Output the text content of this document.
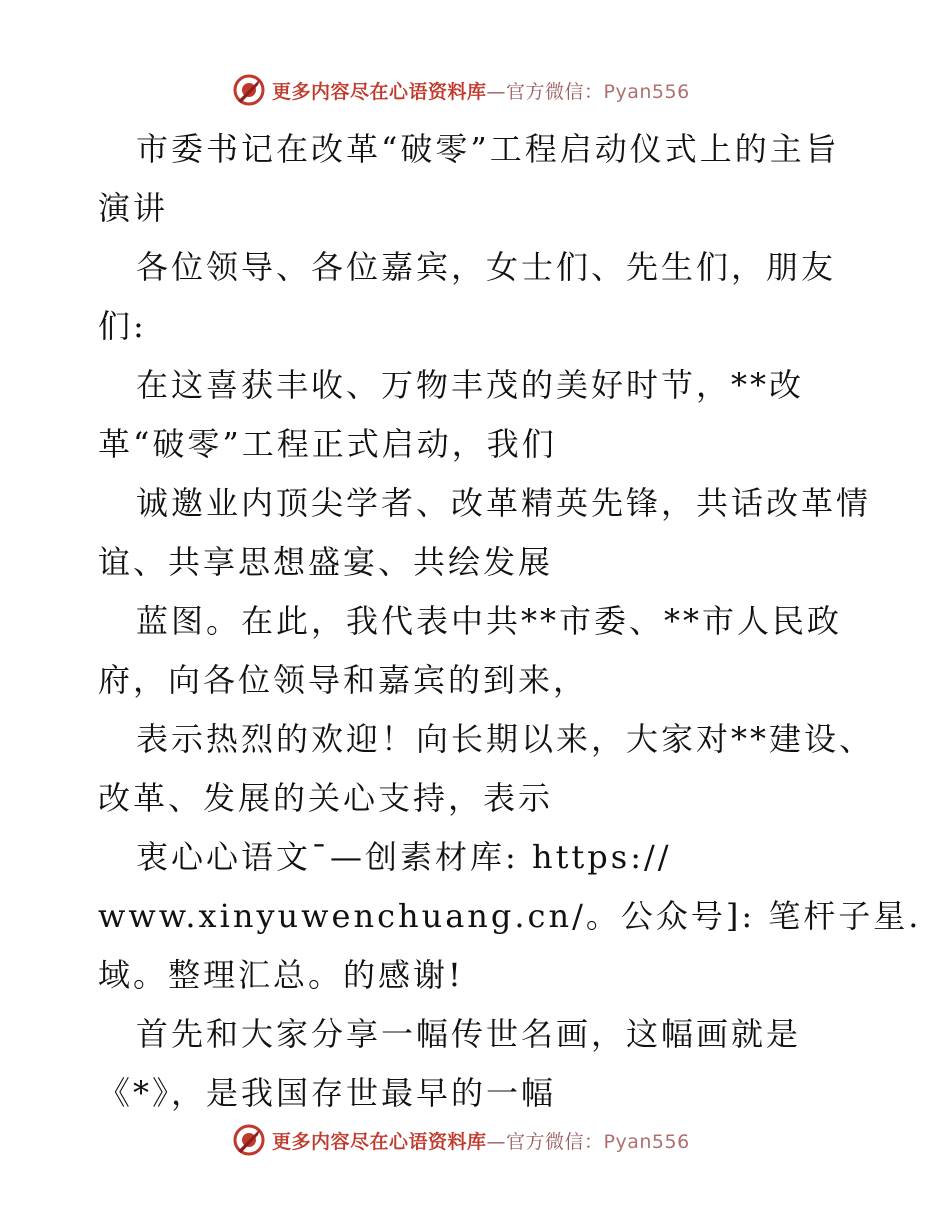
更多内容尽在心语资料库—官方微信：Pyan556
市委书记在改革“破零”工程启动仪式上的主旨
演讲
各位领导、各位嘉宾，女士们、先生们，朋友
们:
在这喜获丰收、万物丰茂的美好时节，**改
革“破零”工程正式启动，我们
诚邀业内顶尖学者、改革精英先锋，共话改革情
谊、共享思想盛宴、共绘发展
蓝图。在此，我代表中共**市委、**市人民政
府，向各位领导和嘉宾的到来，
表示热烈的欢迎！向长期以来，大家对**建设、
改革、发展的关心支持，表示
衷心心语文¯—创素材库: https://
www.xinyuwenchuang.cn/。公众号]: 笔杆子星.
域。整理汇总。的感谢!
首先和大家分享一幅传世名画，这幅画就是
《*》，是我国存世最早的一幅
更多内容尽在心语资料库—官方微信：Pyan556
